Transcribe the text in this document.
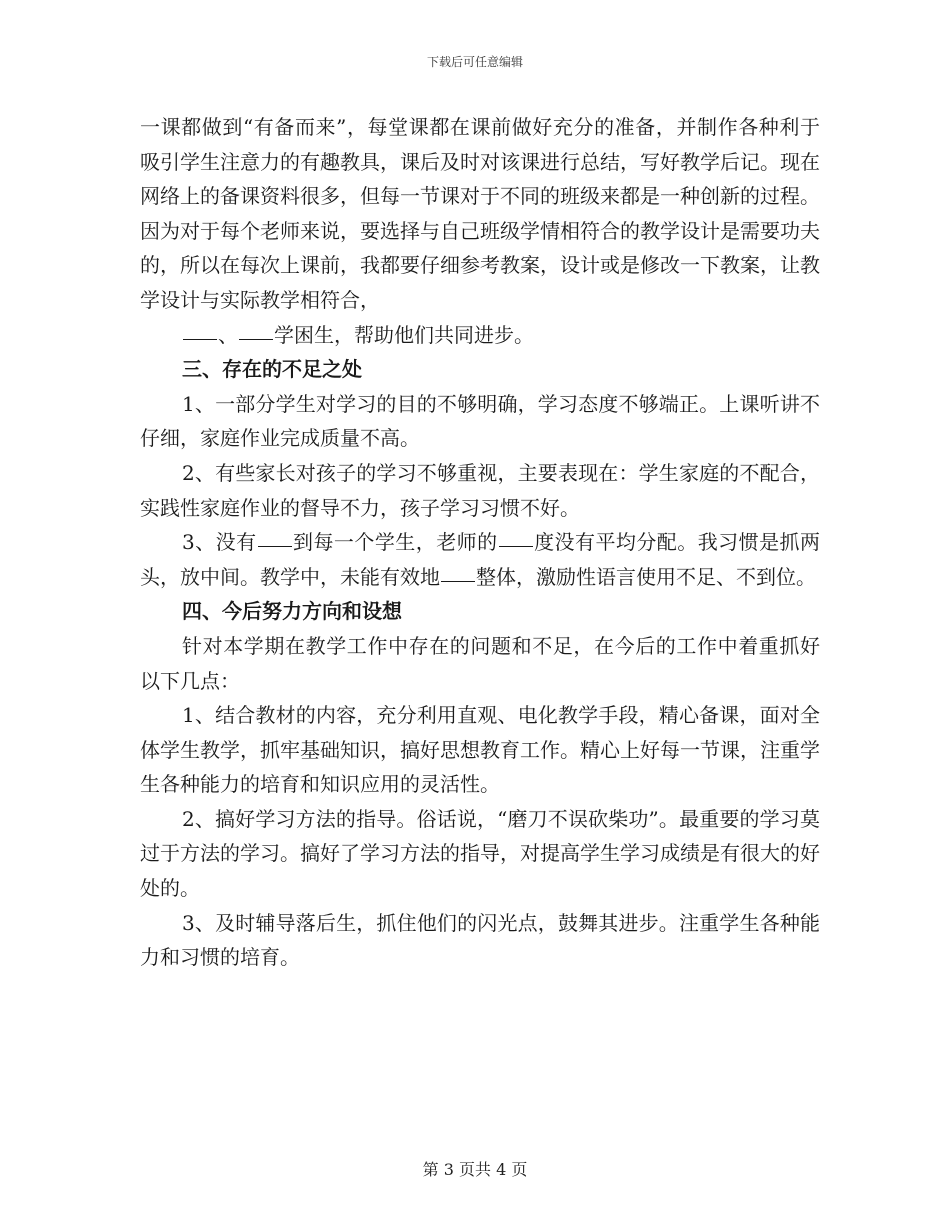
下载后可任意编辑

一课都做到“有备而来”，每堂课都在课前做好充分的准备，并制作各种利于吸引学生注意力的有趣教具，课后及时对该课进行总结，写好教学后记。现在网络上的备课资料很多，但每一节课对于不同的班级来都是一种创新的过程。因为对于每个老师来说，要选择与自己班级学情相符合的教学设计是需要功夫的，所以在每次上课前，我都要仔细参考教案，设计或是修改一下教案，让教学设计与实际教学相符合，

、 学困生，帮助他们共同进步。

三、存在的不足之处

1、一部分学生对学习的目的不够明确，学习态度不够端正。上课听讲不仔细，家庭作业完成质量不高。

2、有些家长对孩子的学习不够重视，主要表现在：学生家庭的不配合，实践性家庭作业的督导不力，孩子学习习惯不好。

3、没有 到每一个学生，老师的 度没有平均分配。我习惯是抓两头，放中间。教学中，未能有效地 整体，激励性语言使用不足、不到位。

四、今后努力方向和设想

针对本学期在教学工作中存在的问题和不足，在今后的工作中着重抓好以下几点：

1、结合教材的内容，充分利用直观、电化教学手段，精心备课，面对全体学生教学，抓牢基础知识，搞好思想教育工作。精心上好每一节课，注重学生各种能力的培育和知识应用的灵活性。

2、搞好学习方法的指导。俗话说，“磨刀不误砍柴功”。最重要的学习莫过于方法的学习。搞好了学习方法的指导，对提高学生学习成绩是有很大的好处的。

3、及时辅导落后生，抓住他们的闪光点，鼓舞其进步。注重学生各种能力和习惯的培育。

第 3 页共 4 页
